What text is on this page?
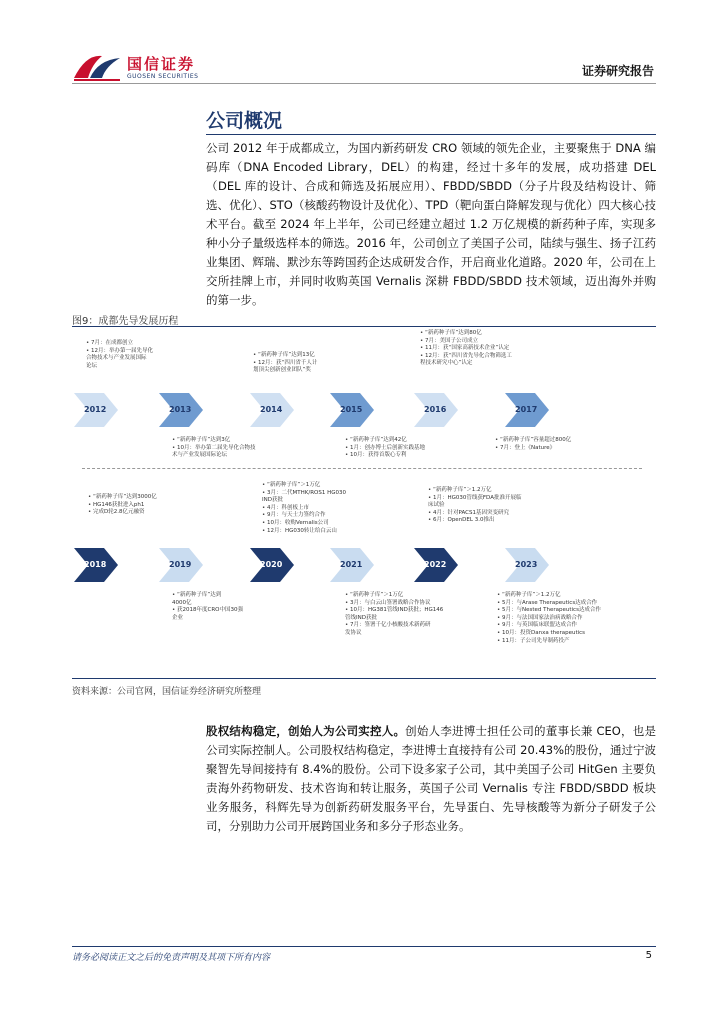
国信证券
GUOSEN SECURITIES	证券研究报告
公司概况
公司 2012 年于成都成立，为国内新药研发 CRO 领域的领先企业，主要聚焦于 DNA 编码库（DNA Encoded Library，DEL）的构建，经过十多年的发展，成功搭建 DEL（DEL 库的设计、合成和筛选及拓展应用）、FBDD/SBDD（分子片段及结构设计、筛选、优化）、STO（核酸药物设计及优化）、TPD（靶向蛋白降解发现与优化）四大核心技术平台。截至 2024 年上半年，公司已经建立超过 1.2 万亿规模的新药种子库，实现多种小分子量级选样本的筛选。2016 年，公司创立了美国子公司，陆续与强生、扬子江药业集团、辉瑞、默沙东等跨国药企达成研发合作，开启商业化道路。2020 年，公司在上交所挂牌上市，并同时收购英国 Vernalis 深耕 FBDD/SBDD 技术领域，迈出海外并购的第一步。
图9：成都先导发展历程
2012
• 7月：在成都创立
• 12月：举办第一届先导化
合物技术与产业发展国际
论坛
2013
• “新药种子库”达到3亿
• 10月：举办第二届先导化合物技
术与产业发展国际论坛
2014
• “新药种子库”达到13亿
• 12月：获“四川省千人计
划顶尖创新创业团队”奖
2015
• “新药种子库”达到42亿
• 1月：创办博士后创新实践基地
• 10月：获得首版心专利
2016
• “新药种子库”达到80亿
• 7月：美国子公司成立
• 11月：获“国家高新技术企业”认定
• 12月：获“四川省先导化合物筛选工
程技术研究中心”认定
2017
• “新药种子库”容量超过800亿
• 7月：登上《Nature》
2018
• “新药种子库”达到3000亿
• HG146获批进入ph1
• 完成D轮2.8亿元融资
2019
• “新药种子库”达到
4000亿
• 获2018年度CRO中国30强
企业
2020
• “新药种子库”＞1万亿
• 3月：二代MTHK/ROS1 HG030
IND获批
• 4月：科创板上市
• 9月：与天士力签约合作
• 10月：收购Vernalis公司
• 12月：HG030转让给白云山
2021
• “新药种子库”＞1万亿
• 3月：与白云山签署战略合作协议
• 10月：HG381管线IND获批；HG146
管线IND获批
• 7月：签署千亿小核酸技术新药研
发协议
2022
• “新药种子库”＞1.2万亿
• 1月：HG030管线获FDA批准开展临
床试验
• 4月：针对PACS1基因突变研究
• 6月：OpenDEL 3.0推出
2023
• “新药种子库”＞1.2万亿
• 5月：与Arase Therapeutics达成合作
• 5月：与Nested Therapeutics达成合作
• 9月：与法国国家法治病战略合作
• 9月：与英国临床联盟达成合作
• 10月：投资Danxa therapeutics
• 11月：子公司先导制药投产
资料来源：公司官网，国信证券经济研究所整理
股权结构稳定，创始人为公司实控人。创始人李进博士担任公司的董事长兼 CEO，也是公司实际控制人。公司股权结构稳定，李进博士直接持有公司 20.43%的股份，通过宁波聚智先导间接持有 8.4%的股份。公司下设多家子公司，其中美国子公司 HitGen 主要负责海外药物研发、技术咨询和转让服务，英国子公司 Vernalis 专注 FBDD/SBDD 板块业务服务，科辉先导为创新药研发服务平台，先导蛋白、先导核酸等为新分子研发子公司，分别助力公司开展跨国业务和多分子形态业务。
请务必阅读正文之后的免责声明及其项下所有内容	5
